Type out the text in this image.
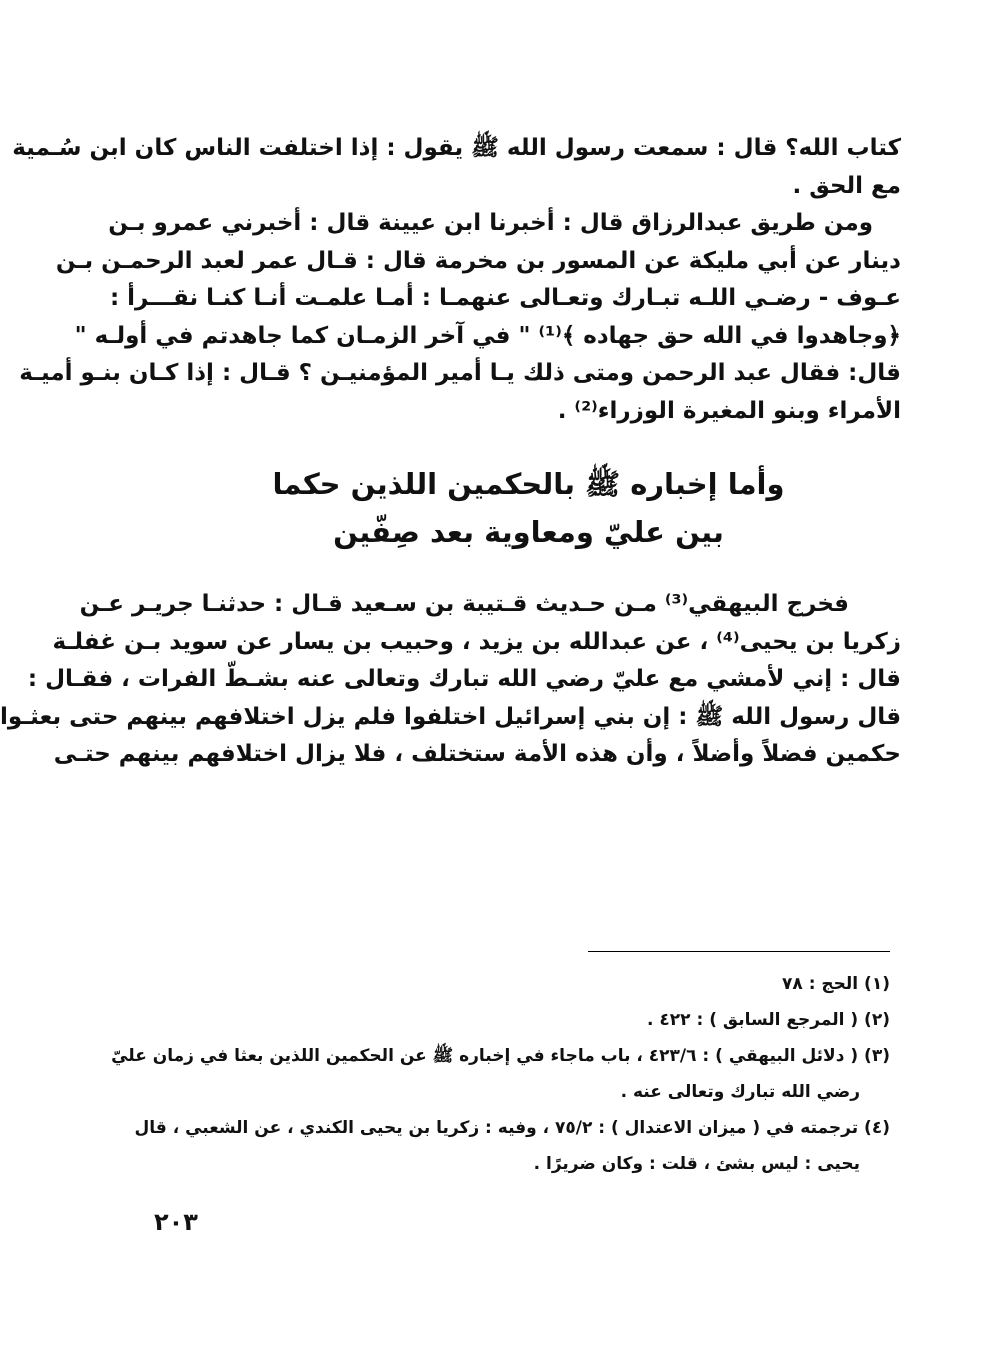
كتاب الله؟ قال : سمعت رسول الله ﷺ يقول : إذا اختلفت الناس كان ابن سُـمية
مع الحق .
ومن طريق عبدالرزاق قال : أخبرنا ابن عيينة قال : أخبرني عمرو بـن
دينار عن أبي مليكة عن المسور بن مخرمة قال : قـال عمر لعبد الرحمـن بـن
عـوف - رضـي اللـه تبـارك وتعـالى عنهمـا : أمـا علمـت أنـا كنـا نقـــرأ :
﴿وجاهدوا في الله حق جهاده ﴾⁽¹⁾ " في آخر الزمـان كما جاهدتم في أولـه "
قال: فقال عبد الرحمن ومتى ذلك يـا أمير المؤمنيـن ؟ قـال : إذا كـان بنـو أميـة
الأمراء وبنو المغيرة الوزراء⁽²⁾ .
وأما إخباره ﷺ بالحكمين اللذين حكما
بين عليّ ومعاوية بعد صِفّين
فخرج البيهقي⁽³⁾ مـن حـديث قـتيبة بن سـعيد قـال : حدثنـا جريـر عـن
زكريا بن يحيى⁽⁴⁾ ، عن عبدالله بن يزيد ، وحبيب بن يسار عن سويد بـن غفلـة
قال : إني لأمشي مع عليّ رضي الله تبارك وتعالى عنه بشـطّ الفرات ، فقـال :
قال رسول الله ﷺ : إن بني إسرائيل اختلفوا فلم يزل اختلافهم بينهم حتى بعثـوا
حكمين فضلاً وأضلاً ، وأن هذه الأمة ستختلف ، فلا يزال اختلافهم بينهم حتـى
(١) الحج : ٧٨
(٢) ( المرجع السابق ) : ٤٢٢ .
(٣) ( دلائل البيهقي ) : ٤٢٣/٦ ، باب ماجاء في إخباره ﷺ عن الحكمين اللذين بعثا في زمان عليّ
رضي الله تبارك وتعالى عنه .
(٤) ترجمته في ( ميزان الاعتدال ) : ٧٥/٢ ، وفيه : زكريا بن يحيى الكندي ، عن الشعبي ، قال
يحيى : ليس بشئ ، قلت : وكان ضريرًا .
٢٠٣
